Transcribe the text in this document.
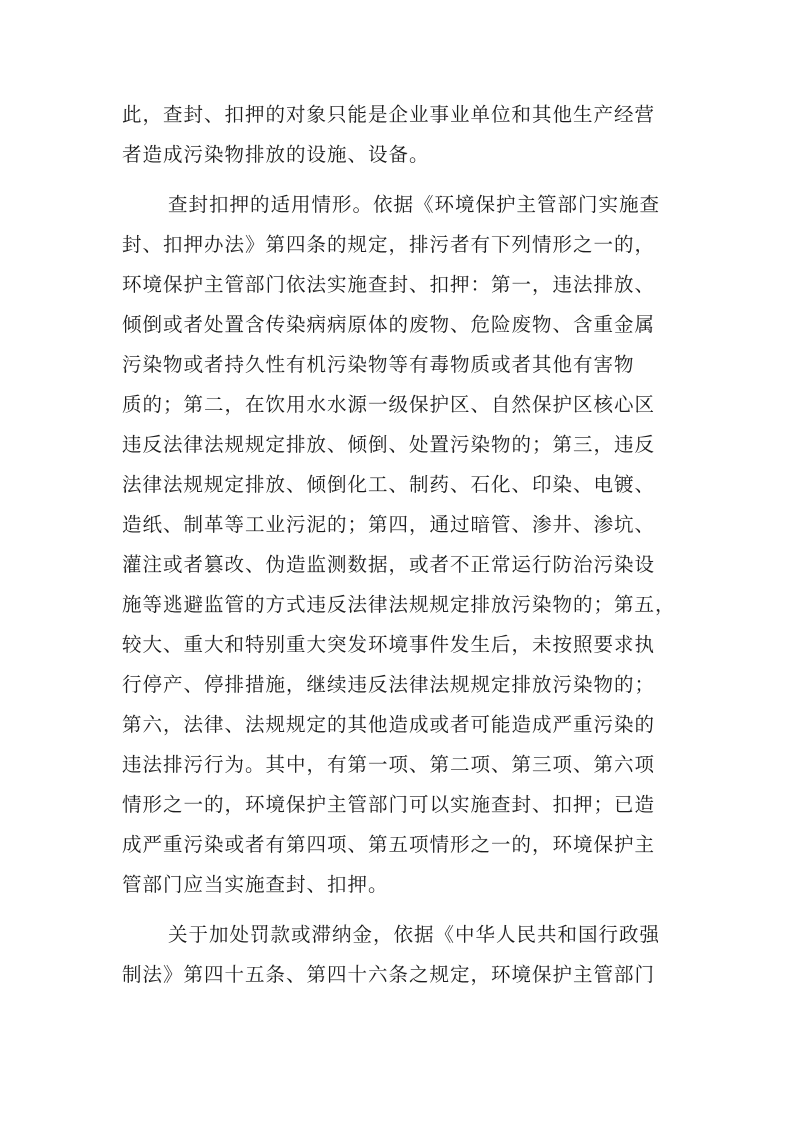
此，查封、扣押的对象只能是企业事业单位和其他生产经营
者造成污染物排放的设施、设备。
查封扣押的适用情形。依据《环境保护主管部门实施查
封、扣押办法》第四条的规定，排污者有下列情形之一的，
环境保护主管部门依法实施查封、扣押：第一，违法排放、
倾倒或者处置含传染病病原体的废物、危险废物、含重金属
污染物或者持久性有机污染物等有毒物质或者其他有害物
质的；第二，在饮用水水源一级保护区、自然保护区核心区
违反法律法规规定排放、倾倒、处置污染物的；第三，违反
法律法规规定排放、倾倒化工、制药、石化、印染、电镀、
造纸、制革等工业污泥的；第四，通过暗管、渗井、渗坑、
灌注或者篡改、伪造监测数据，或者不正常运行防治污染设
施等逃避监管的方式违反法律法规规定排放污染物的；第五，
较大、重大和特别重大突发环境事件发生后，未按照要求执
行停产、停排措施，继续违反法律法规规定排放污染物的；
第六，法律、法规规定的其他造成或者可能造成严重污染的
违法排污行为。其中，有第一项、第二项、第三项、第六项
情形之一的，环境保护主管部门可以实施查封、扣押；已造
成严重污染或者有第四项、第五项情形之一的，环境保护主
管部门应当实施查封、扣押。
关于加处罚款或滞纳金，依据《中华人民共和国行政强
制法》第四十五条、第四十六条之规定，环境保护主管部门
